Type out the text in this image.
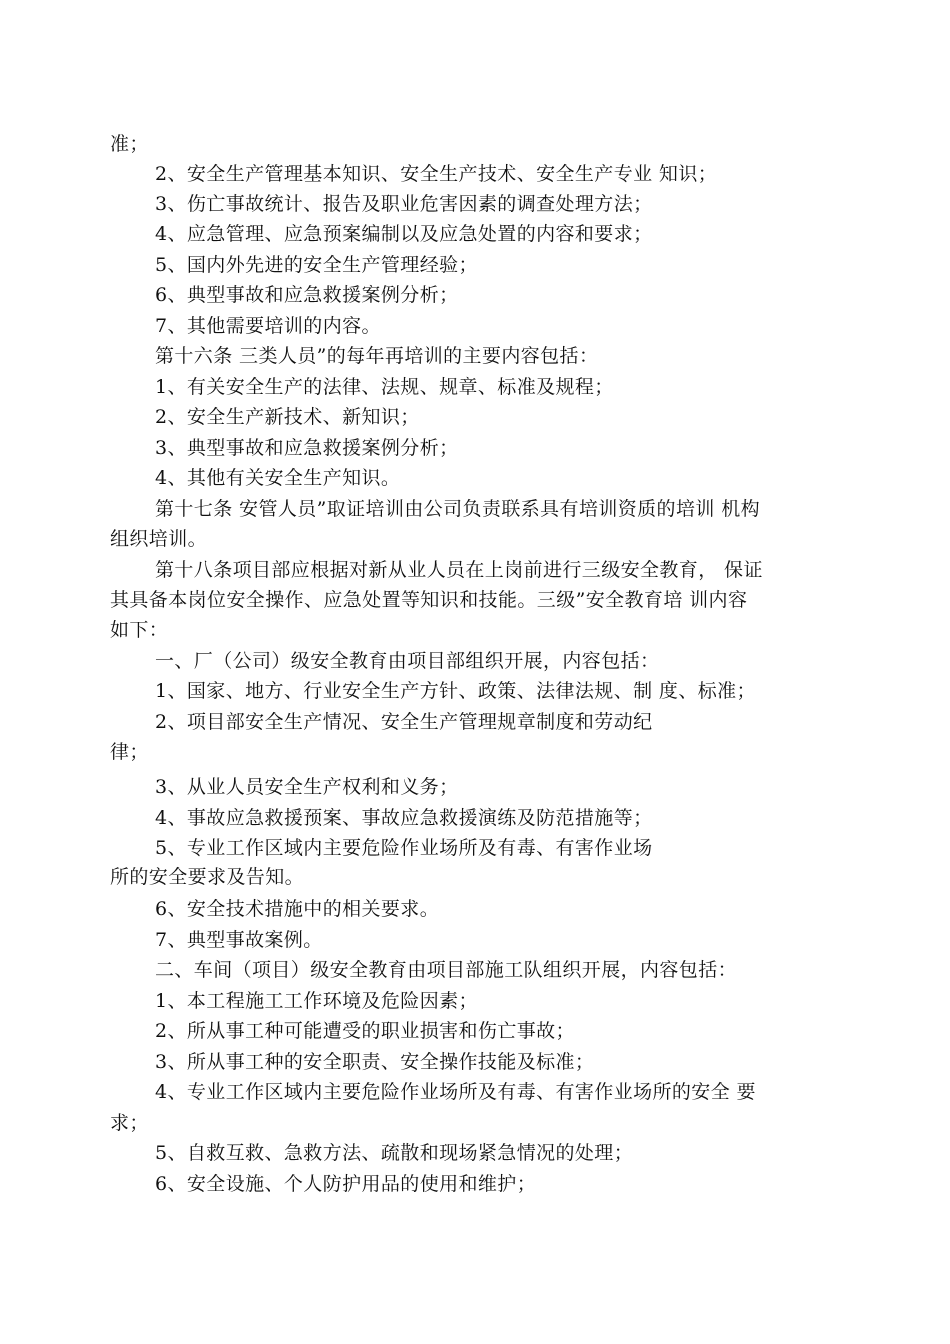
准；
2、安全生产管理基本知识、安全生产技术、安全生产专业 知识；
3、伤亡事故统计、报告及职业危害因素的调查处理方法；
4、应急管理、应急预案编制以及应急处置的内容和要求；
5、国内外先进的安全生产管理经验；
6、典型事故和应急救援案例分析；
7、其他需要培训的内容。
第十六条 三类人员”的每年再培训的主要内容包括：
1、有关安全生产的法律、法规、规章、标准及规程；
2、安全生产新技术、新知识；
3、典型事故和应急救援案例分析；
4、其他有关安全生产知识。
第十七条 安管人员”取证培训由公司负责联系具有培训资质的培训 机构
组织培训。
第十八条项目部应根据对新从业人员在上岗前进行三级安全教育， 保证
其具备本岗位安全操作、应急处置等知识和技能。三级”安全教育培 训内容
如下：
一、厂（公司）级安全教育由项目部组织开展，内容包括：
1、国家、地方、行业安全生产方针、政策、法律法规、制 度、标准；
2、项目部安全生产情况、安全生产管理规章制度和劳动纪
律；
3、从业人员安全生产权利和义务；
4、事故应急救援预案、事故应急救援演练及防范措施等；
5、专业工作区域内主要危险作业场所及有毒、有害作业场
所的安全要求及告知。
6、安全技术措施中的相关要求。
7、典型事故案例。
二、车间（项目）级安全教育由项目部施工队组织开展，内容包括：
1、本工程施工工作环境及危险因素；
2、所从事工种可能遭受的职业损害和伤亡事故；
3、所从事工种的安全职责、安全操作技能及标准；
4、专业工作区域内主要危险作业场所及有毒、有害作业场所的安全 要
求；
5、自救互救、急救方法、疏散和现场紧急情况的处理；
6、安全设施、个人防护用品的使用和维护；
